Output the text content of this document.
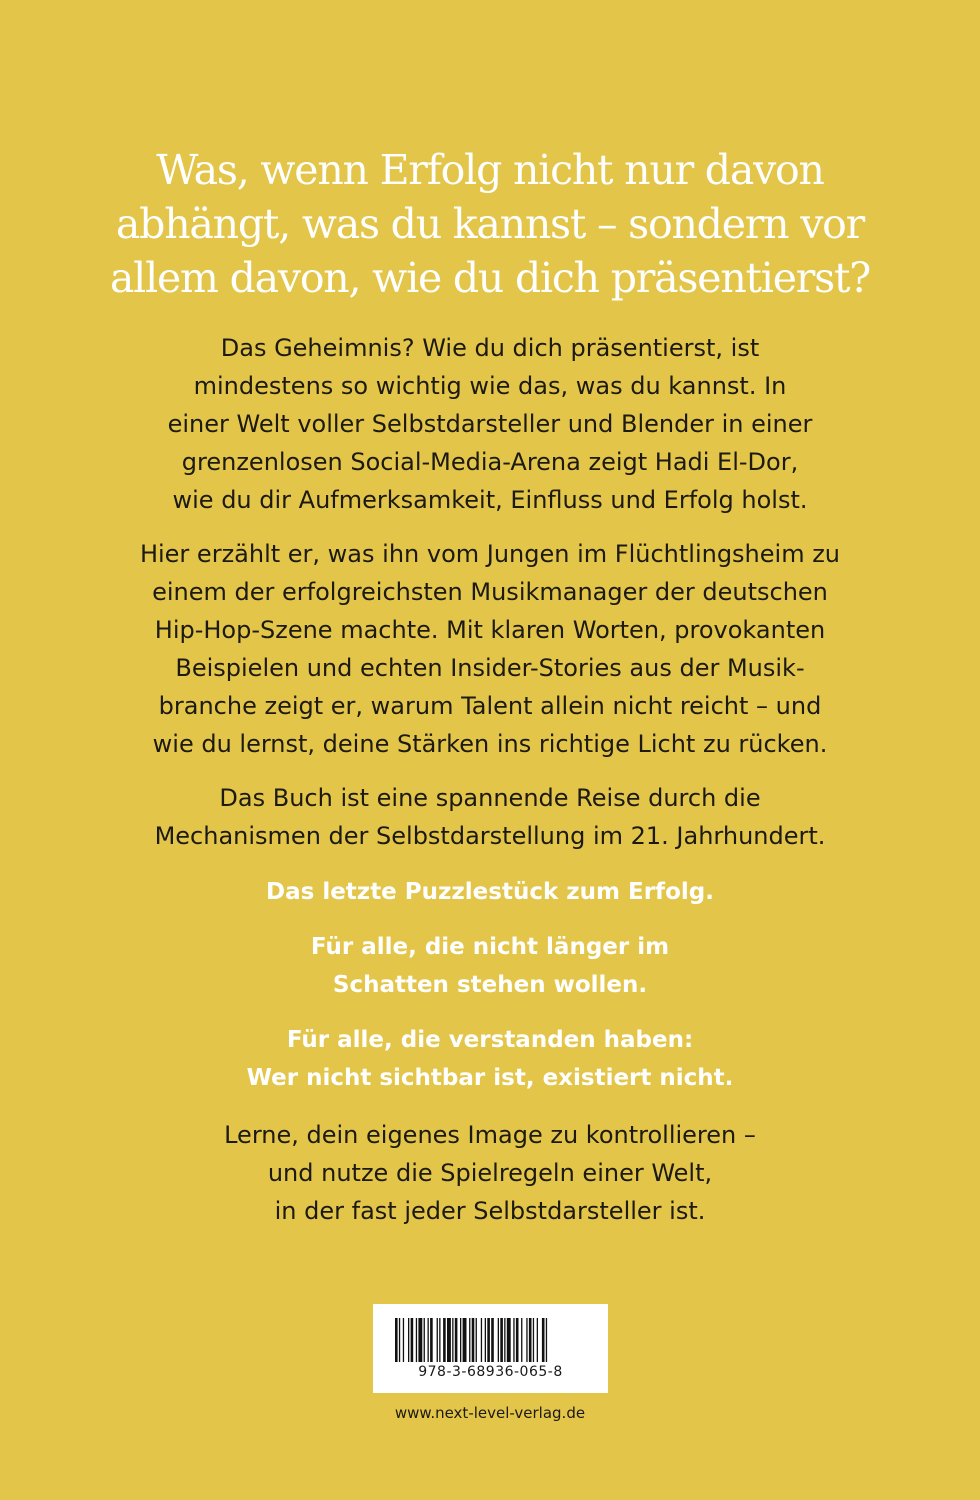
Was, wenn Erfolg nicht nur davon
abhängt, was du kannst – sondern vor
allem davon, wie du dich präsentierst?

Das Geheimnis? Wie du dich präsentierst, ist
mindestens so wichtig wie das, was du kannst. In
einer Welt voller Selbstdarsteller und Blender in einer
grenzenlosen Social-Media-Arena zeigt Hadi El-Dor,
wie du dir Aufmerksamkeit, Einfluss und Erfolg holst.

Hier erzählt er, was ihn vom Jungen im Flüchtlingsheim zu
einem der erfolgreichsten Musikmanager der deutschen
Hip-Hop-Szene machte. Mit klaren Worten, provokanten
Beispielen und echten Insider-Stories aus der Musik-
branche zeigt er, warum Talent allein nicht reicht – und
wie du lernst, deine Stärken ins richtige Licht zu rücken.

Das Buch ist eine spannende Reise durch die
Mechanismen der Selbstdarstellung im 21. Jahrhundert.

Das letzte Puzzlestück zum Erfolg.

Für alle, die nicht länger im
Schatten stehen wollen.

Für alle, die verstanden haben:
Wer nicht sichtbar ist, existiert nicht.

Lerne, dein eigenes Image zu kontrollieren –
und nutze die Spielregeln einer Welt,
in der fast jeder Selbstdarsteller ist.

978-3-68936-065-8
www.next-level-verlag.de
